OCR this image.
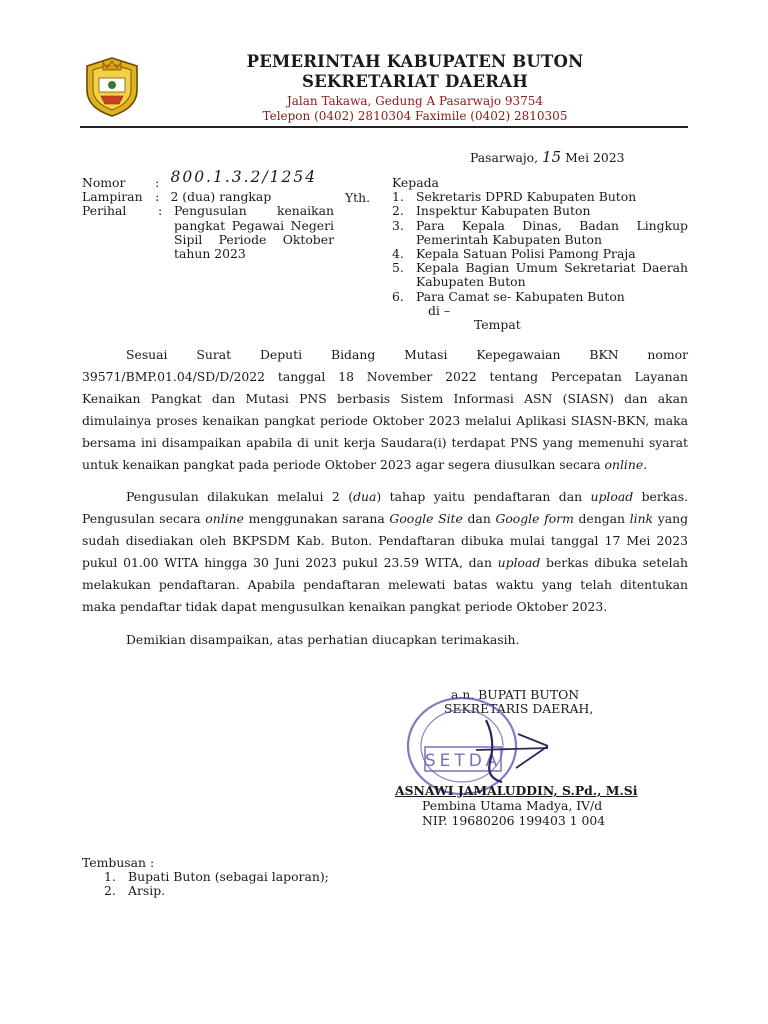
PEMERINTAH KABUPATEN BUTON
SEKRETARIAT DAERAH
Jalan Takawa, Gedung A Pasarwajo 93754
Telepon (0402) 2810304 Faximile (0402) 2810305
Pasarwajo, 15 Mei 2023
Nomor	: 800.1.3.2/1254
Lampiran	: 2 (dua) rangkap
Perihal	: Pengusulan kenaikan pangkat Pegawai Negeri Sipil Periode Oktober tahun 2023
Yth.
Kepada
1. Sekretaris DPRD Kabupaten Buton
2. Inspektur Kabupaten Buton
3. Para Kepala Dinas, Badan Lingkup Pemerintah Kabupaten Buton
4. Kepala Satuan Polisi Pamong Praja
5. Kepala Bagian Umum Sekretariat Daerah Kabupaten Buton
6. Para Camat se- Kabupaten Buton
di –
Tempat

Sesuai Surat Deputi Bidang Mutasi Kepegawaian BKN nomor 39571/BMP.01.04/SD/D/2022 tanggal 18 November 2022 tentang Percepatan Layanan Kenaikan Pangkat dan Mutasi PNS berbasis Sistem Informasi ASN (SIASN) dan akan dimulainya proses kenaikan pangkat periode Oktober 2023 melalui Aplikasi SIASN-BKN, maka bersama ini disampaikan apabila di unit kerja Saudara(i) terdapat PNS yang memenuhi syarat untuk kenaikan pangkat pada periode Oktober 2023 agar segera diusulkan secara online.

Pengusulan dilakukan melalui 2 (dua) tahap yaitu pendaftaran dan upload berkas. Pengusulan secara online menggunakan sarana Google Site dan Google form dengan link yang sudah disediakan oleh BKPSDM Kab. Buton. Pendaftaran dibuka mulai tanggal 17 Mei 2023 pukul 01.00 WITA hingga 30 Juni 2023 pukul 23.59 WITA, dan upload berkas dibuka setelah melakukan pendaftaran. Apabila pendaftaran melewati batas waktu yang telah ditentukan maka pendaftar tidak dapat mengusulkan kenaikan pangkat periode Oktober 2023.

Demikian disampaikan, atas perhatian diucapkan terimakasih.

a.n. BUPATI BUTON
SEKRETARIS DAERAH,
SETDA
ASNAWI JAMALUDDIN, S.Pd., M.Si
Pembina Utama Madya, IV/d
NIP. 19680206 199403 1 004
Tembusan :
1. Bupati Buton (sebagai laporan);
2. Arsip.
